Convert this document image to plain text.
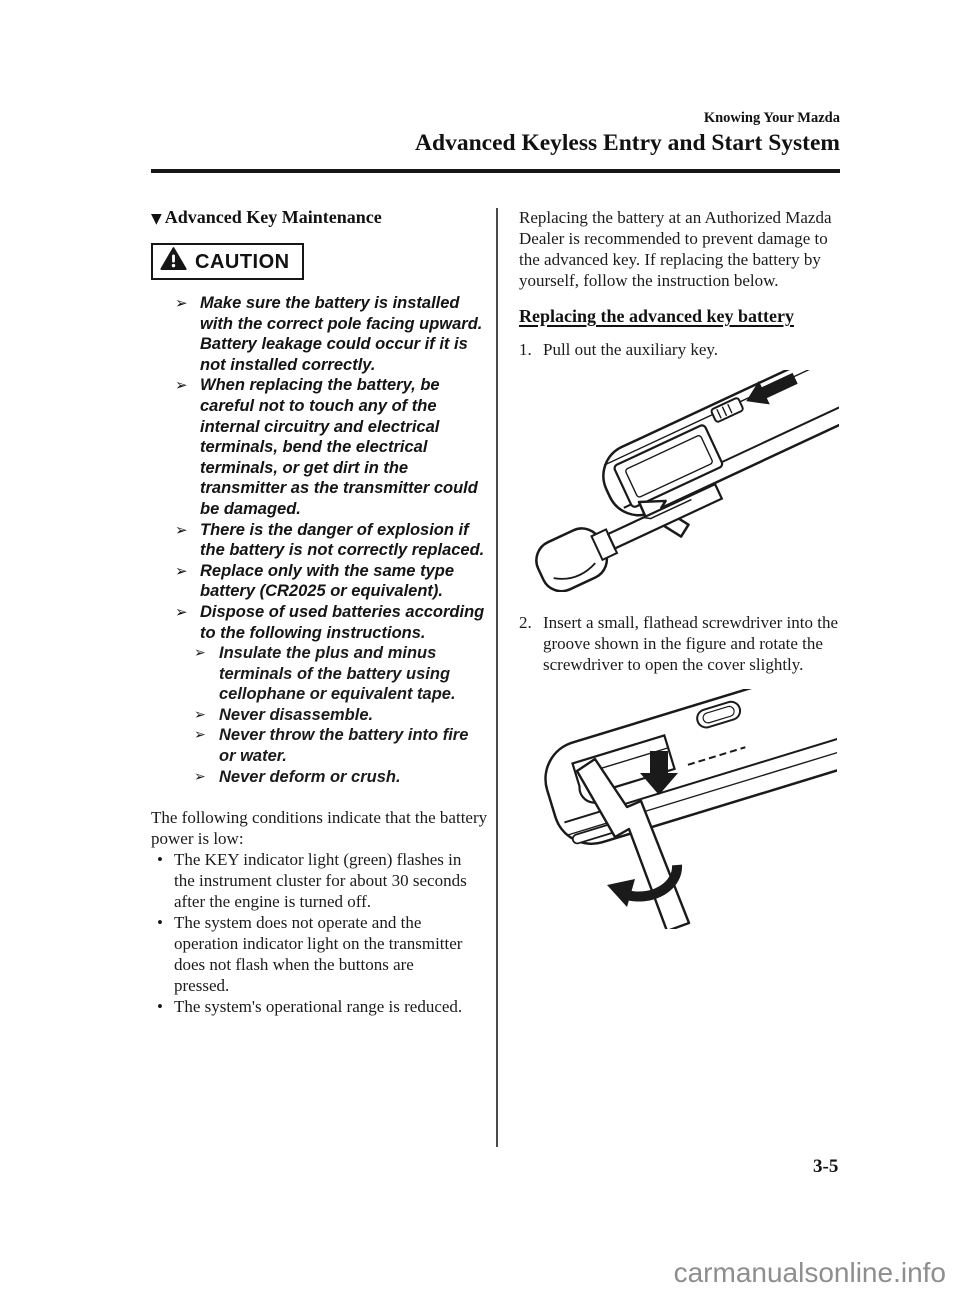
Knowing Your Mazda
Advanced Keyless Entry and Start System
▼ Advanced Key Maintenance
CAUTION
➢ Make sure the battery is installed with the correct pole facing upward. Battery leakage could occur if it is not installed correctly.
➢ When replacing the battery, be careful not to touch any of the internal circuitry and electrical terminals, bend the electrical terminals, or get dirt in the transmitter as the transmitter could be damaged.
➢ There is the danger of explosion if the battery is not correctly replaced.
➢ Replace only with the same type battery (CR2025 or equivalent).
➢ Dispose of used batteries according to the following instructions.
➢ Insulate the plus and minus terminals of the battery using cellophane or equivalent tape.
➢ Never disassemble.
➢ Never throw the battery into fire or water.
➢ Never deform or crush.

The following conditions indicate that the battery power is low:

• The KEY indicator light (green) flashes in the instrument cluster for about 30 seconds after the engine is turned off.
• The system does not operate and the operation indicator light on the transmitter does not flash when the buttons are pressed.
• The system's operational range is reduced.

Replacing the battery at an Authorized Mazda Dealer is recommended to prevent damage to the advanced key. If replacing the battery by yourself, follow the instruction below.

Replacing the advanced key battery
1. Pull out the auxiliary key.
2. Insert a small, flathead screwdriver into the groove shown in the figure and rotate the screwdriver to open the cover slightly.
3-5
carmanualsonline.info
